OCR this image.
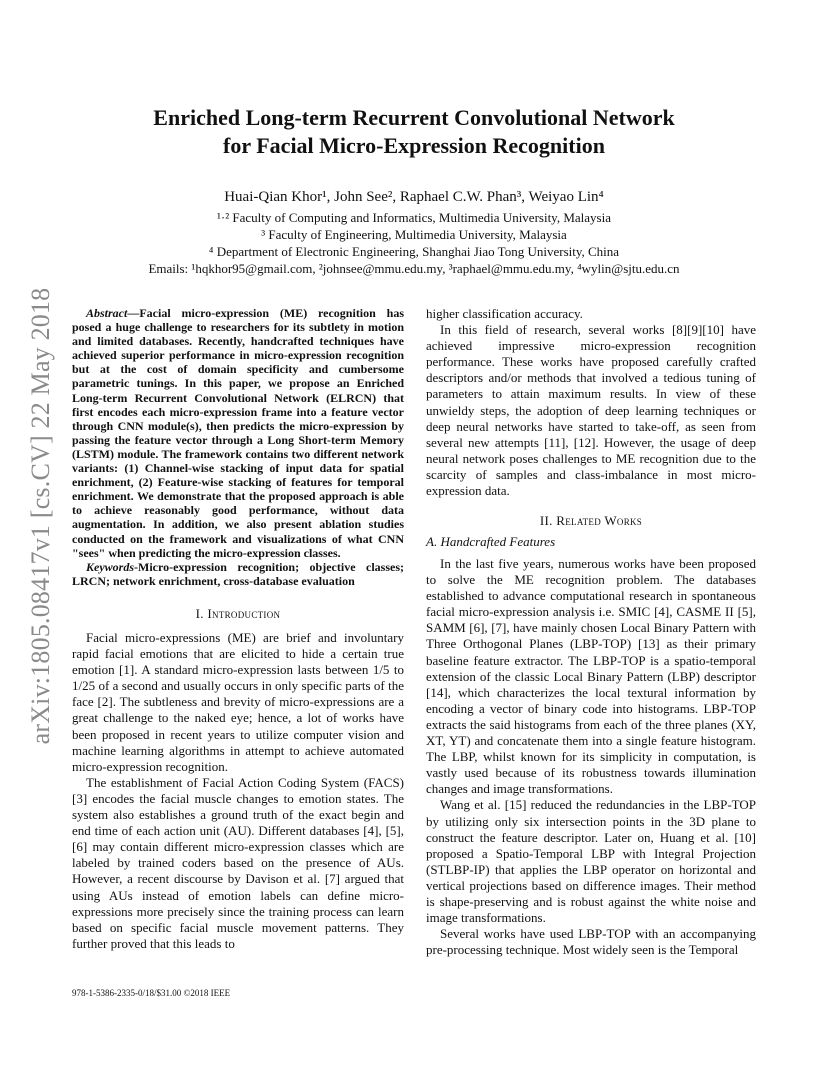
arXiv:1805.08417v1 [cs.CV] 22 May 2018
Enriched Long-term Recurrent Convolutional Network
for Facial Micro-Expression Recognition
Huai-Qian Khor¹, John See², Raphael C.W. Phan³, Weiyao Lin⁴
¹·² Faculty of Computing and Informatics, Multimedia University, Malaysia
³ Faculty of Engineering, Multimedia University, Malaysia
⁴ Department of Electronic Engineering, Shanghai Jiao Tong University, China
Emails: ¹hqkhor95@gmail.com, ²johnsee@mmu.edu.my, ³raphael@mmu.edu.my, ⁴wylin@sjtu.edu.cn

Abstract—Facial micro-expression (ME) recognition has posed a huge challenge to researchers for its subtlety in motion and limited databases. Recently, handcrafted techniques have achieved superior performance in micro-expression recognition but at the cost of domain specificity and cumbersome parametric tunings. In this paper, we propose an Enriched Long-term Recurrent Convolutional Network (ELRCN) that first encodes each micro-expression frame into a feature vector through CNN module(s), then predicts the micro-expression by passing the feature vector through a Long Short-term Memory (LSTM) module. The framework contains two different network variants: (1) Channel-wise stacking of input data for spatial enrichment, (2) Feature-wise stacking of features for temporal enrichment. We demonstrate that the proposed approach is able to achieve reasonably good performance, without data augmentation. In addition, we also present ablation studies conducted on the framework and visualizations of what CNN "sees" when predicting the micro-expression classes.

Keywords-Micro-expression recognition; objective classes; LRCN; network enrichment, cross-database evaluation

I. Introduction

Facial micro-expressions (ME) are brief and involuntary rapid facial emotions that are elicited to hide a certain true emotion [1]. A standard micro-expression lasts between 1/5 to 1/25 of a second and usually occurs in only specific parts of the face [2]. The subtleness and brevity of micro-expressions are a great challenge to the naked eye; hence, a lot of works have been proposed in recent years to utilize computer vision and machine learning algorithms in attempt to achieve automated micro-expression recognition.

The establishment of Facial Action Coding System (FACS) [3] encodes the facial muscle changes to emotion states. The system also establishes a ground truth of the exact begin and end time of each action unit (AU). Different databases [4], [5], [6] may contain different micro-expression classes which are labeled by trained coders based on the presence of AUs. However, a recent discourse by Davison et al. [7] argued that using AUs instead of emotion labels can define micro-expressions more precisely since the training process can learn based on specific facial muscle movement patterns. They further proved that this leads to

higher classification accuracy.

In this field of research, several works [8][9][10] have achieved impressive micro-expression recognition performance. These works have proposed carefully crafted descriptors and/or methods that involved a tedious tuning of parameters to attain maximum results. In view of these unwieldy steps, the adoption of deep learning techniques or deep neural networks have started to take-off, as seen from several new attempts [11], [12]. However, the usage of deep neural network poses challenges to ME recognition due to the scarcity of samples and class-imbalance in most micro-expression data.

II. Related Works
A. Handcrafted Features

In the last five years, numerous works have been proposed to solve the ME recognition problem. The databases established to advance computational research in spontaneous facial micro-expression analysis i.e. SMIC [4], CASME II [5], SAMM [6], [7], have mainly chosen Local Binary Pattern with Three Orthogonal Planes (LBP-TOP) [13] as their primary baseline feature extractor. The LBP-TOP is a spatio-temporal extension of the classic Local Binary Pattern (LBP) descriptor [14], which characterizes the local textural information by encoding a vector of binary code into histograms. LBP-TOP extracts the said histograms from each of the three planes (XY, XT, YT) and concatenate them into a single feature histogram. The LBP, whilst known for its simplicity in computation, is vastly used because of its robustness towards illumination changes and image transformations.

Wang et al. [15] reduced the redundancies in the LBP-TOP by utilizing only six intersection points in the 3D plane to construct the feature descriptor. Later on, Huang et al. [10] proposed a Spatio-Temporal LBP with Integral Projection (STLBP-IP) that applies the LBP operator on horizontal and vertical projections based on difference images. Their method is shape-preserving and is robust against the white noise and image transformations.

Several works have used LBP-TOP with an accompanying pre-processing technique. Most widely seen is the Temporal

978-1-5386-2335-0/18/$31.00 ©2018 IEEE
